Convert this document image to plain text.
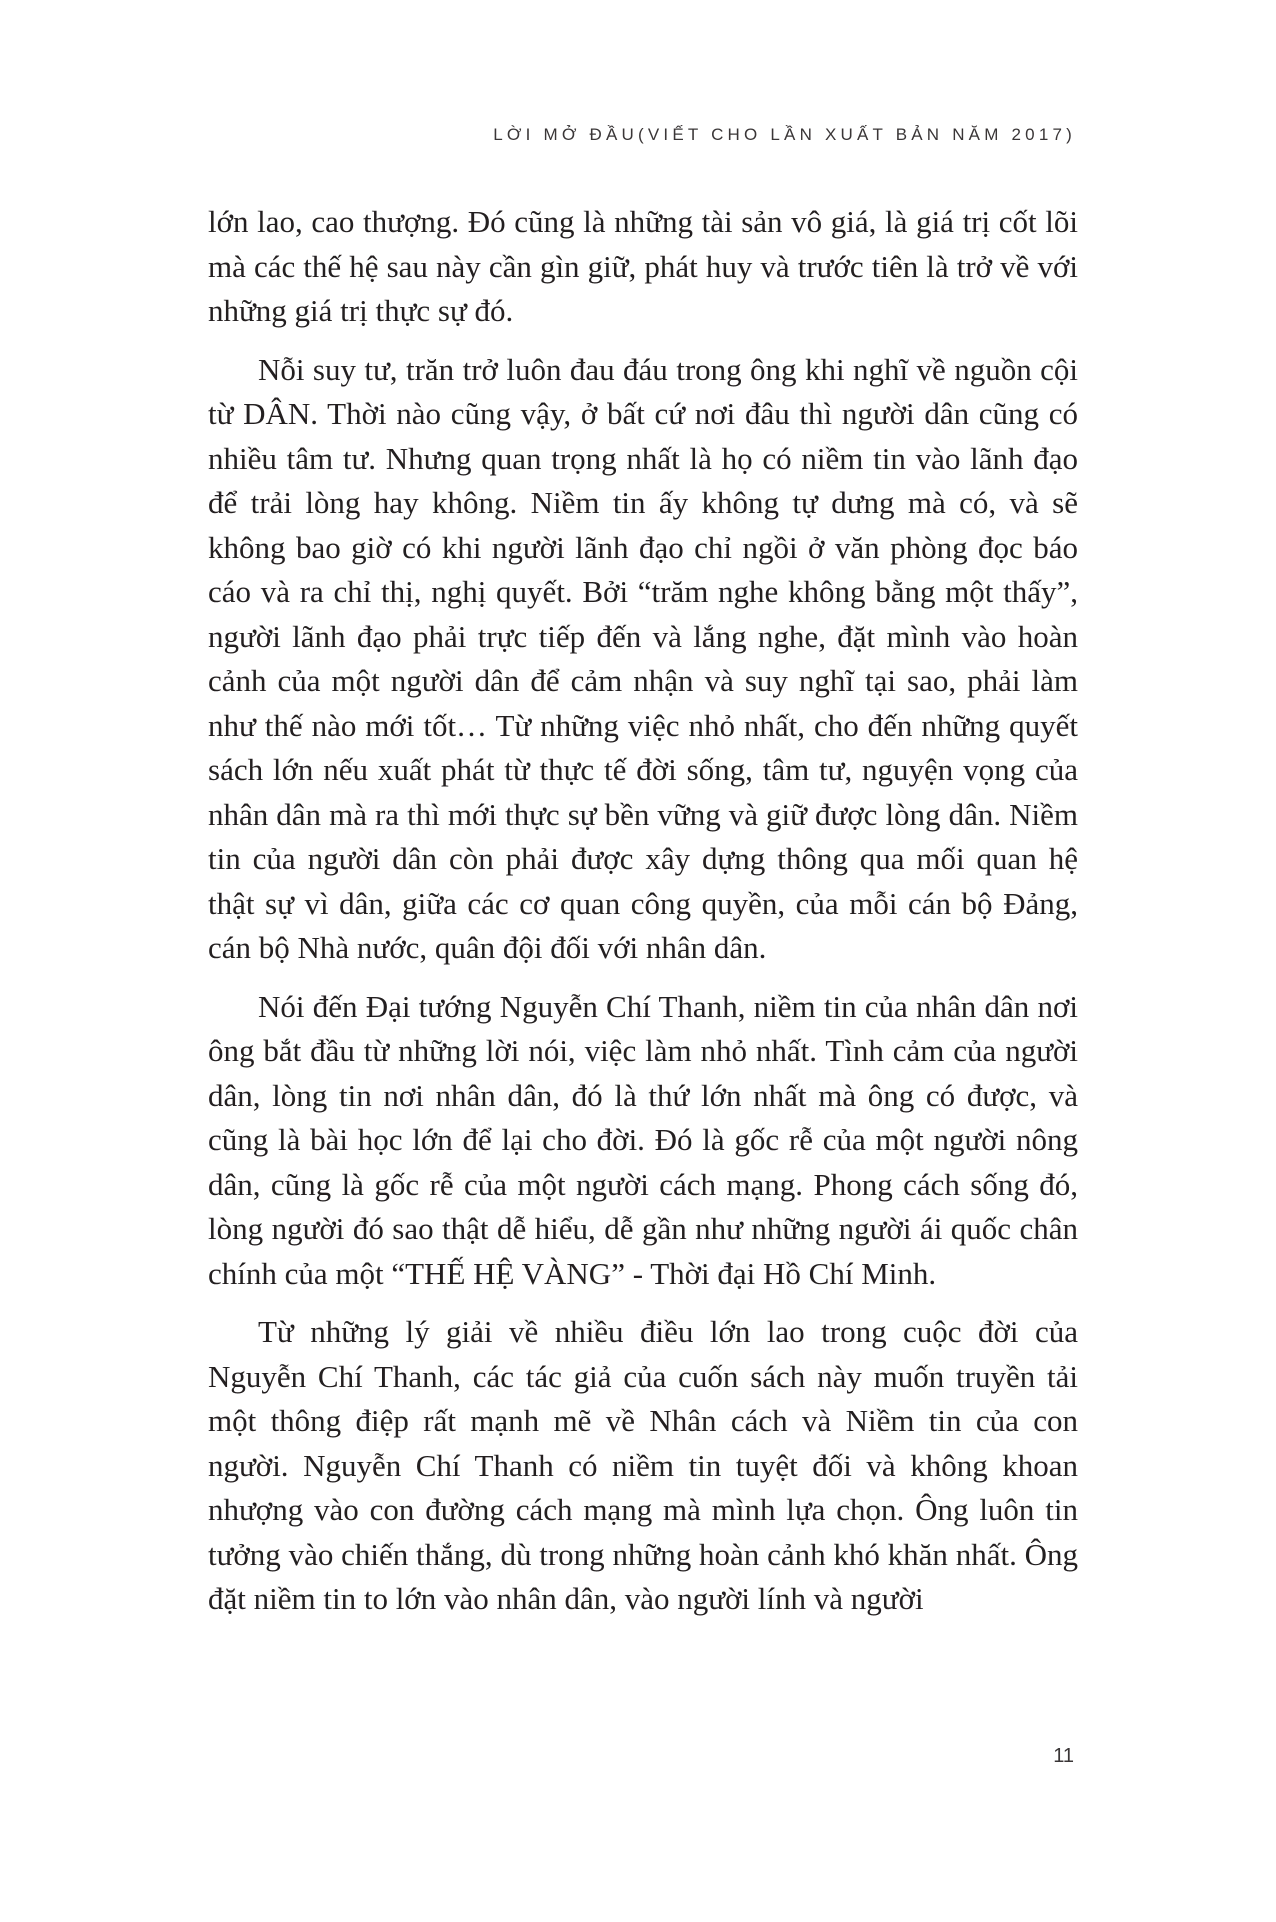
LỜI MỞ ĐẦU(VIẾT CHO LẦN XUẤT BẢN NĂM 2017)

lớn lao, cao thượng. Đó cũng là những tài sản vô giá, là giá trị cốt lõi mà các thế hệ sau này cần gìn giữ, phát huy và trước tiên là trở về với những giá trị thực sự đó.

Nỗi suy tư, trăn trở luôn đau đáu trong ông khi nghĩ về nguồn cội từ DÂN. Thời nào cũng vậy, ở bất cứ nơi đâu thì người dân cũng có nhiều tâm tư. Nhưng quan trọng nhất là họ có niềm tin vào lãnh đạo để trải lòng hay không. Niềm tin ấy không tự dưng mà có, và sẽ không bao giờ có khi người lãnh đạo chỉ ngồi ở văn phòng đọc báo cáo và ra chỉ thị, nghị quyết. Bởi “trăm nghe không bằng một thấy”, người lãnh đạo phải trực tiếp đến và lắng nghe, đặt mình vào hoàn cảnh của một người dân để cảm nhận và suy nghĩ tại sao, phải làm như thế nào mới tốt… Từ những việc nhỏ nhất, cho đến những quyết sách lớn nếu xuất phát từ thực tế đời sống, tâm tư, nguyện vọng của nhân dân mà ra thì mới thực sự bền vững và giữ được lòng dân. Niềm tin của người dân còn phải được xây dựng thông qua mối quan hệ thật sự vì dân, giữa các cơ quan công quyền, của mỗi cán bộ Đảng, cán bộ Nhà nước, quân đội đối với nhân dân.

Nói đến Đại tướng Nguyễn Chí Thanh, niềm tin của nhân dân nơi ông bắt đầu từ những lời nói, việc làm nhỏ nhất. Tình cảm của người dân, lòng tin nơi nhân dân, đó là thứ lớn nhất mà ông có được, và cũng là bài học lớn để lại cho đời. Đó là gốc rễ của một người nông dân, cũng là gốc rễ của một người cách mạng. Phong cách sống đó, lòng người đó sao thật dễ hiểu, dễ gần như những người ái quốc chân chính của một “THẾ HỆ VÀNG” - Thời đại Hồ Chí Minh.

Từ những lý giải về nhiều điều lớn lao trong cuộc đời của Nguyễn Chí Thanh, các tác giả của cuốn sách này muốn truyền tải một thông điệp rất mạnh mẽ về Nhân cách và Niềm tin của con người. Nguyễn Chí Thanh có niềm tin tuyệt đối và không khoan nhượng vào con đường cách mạng mà mình lựa chọn. Ông luôn tin tưởng vào chiến thắng, dù trong những hoàn cảnh khó khăn nhất. Ông đặt niềm tin to lớn vào nhân dân, vào người lính và người

11
